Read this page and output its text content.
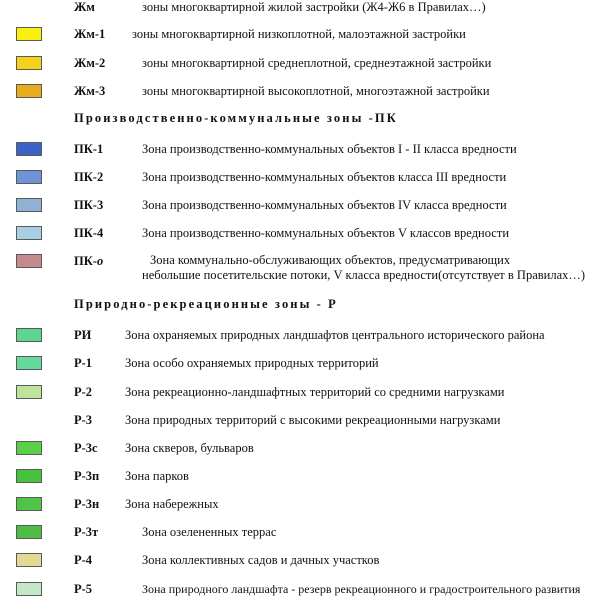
Жм	зоны многоквартирной жилой застройки (Ж4-Ж6 в Правилах…)
Жм-1 зоны многоквартирной низкоплотной, малоэтажной застройки
Жм-2	зоны многоквартирной среднеплотной, среднеэтажной застройки
Жм-3	зоны многоквартирной высокоплотной, многоэтажной застройки
Производственно-коммунальные зоны -ПК
ПК-1	Зона производственно-коммунальных объектов I - II класса вредности
ПК-2	Зона производственно-коммунальных объектов класса III вредности
ПК-3	Зона производственно-коммунальных объектов IV класса вредности
ПК-4	Зона производственно-коммунальных объектов V классов вредности
ПК-о	Зона коммунально-обслуживающих объектов, предусматривающих
небольшие посетительские потоки, V класса вредности(отсутствует в Правилах…)
Природно-рекреационные зоны - Р
РИ	Зона охраняемых природных ландшафтов центрального исторического района
Р-1	Зона особо охраняемых природных территорий
Р-2	Зона рекреационно-ландшафтных территорий со средними нагрузками
Р-3	Зона природных территорий с высокими рекреационными нагрузками
Р-3с Зона скверов, бульваров
Р-3п Зона парков
Р-3н Зона набережных
Р-3т	Зона озелененных террас
Р-4	Зона коллективных садов и дачных участков
Р-5	Зона природного ландшафта - резерв рекреационного и градостроительного развития
